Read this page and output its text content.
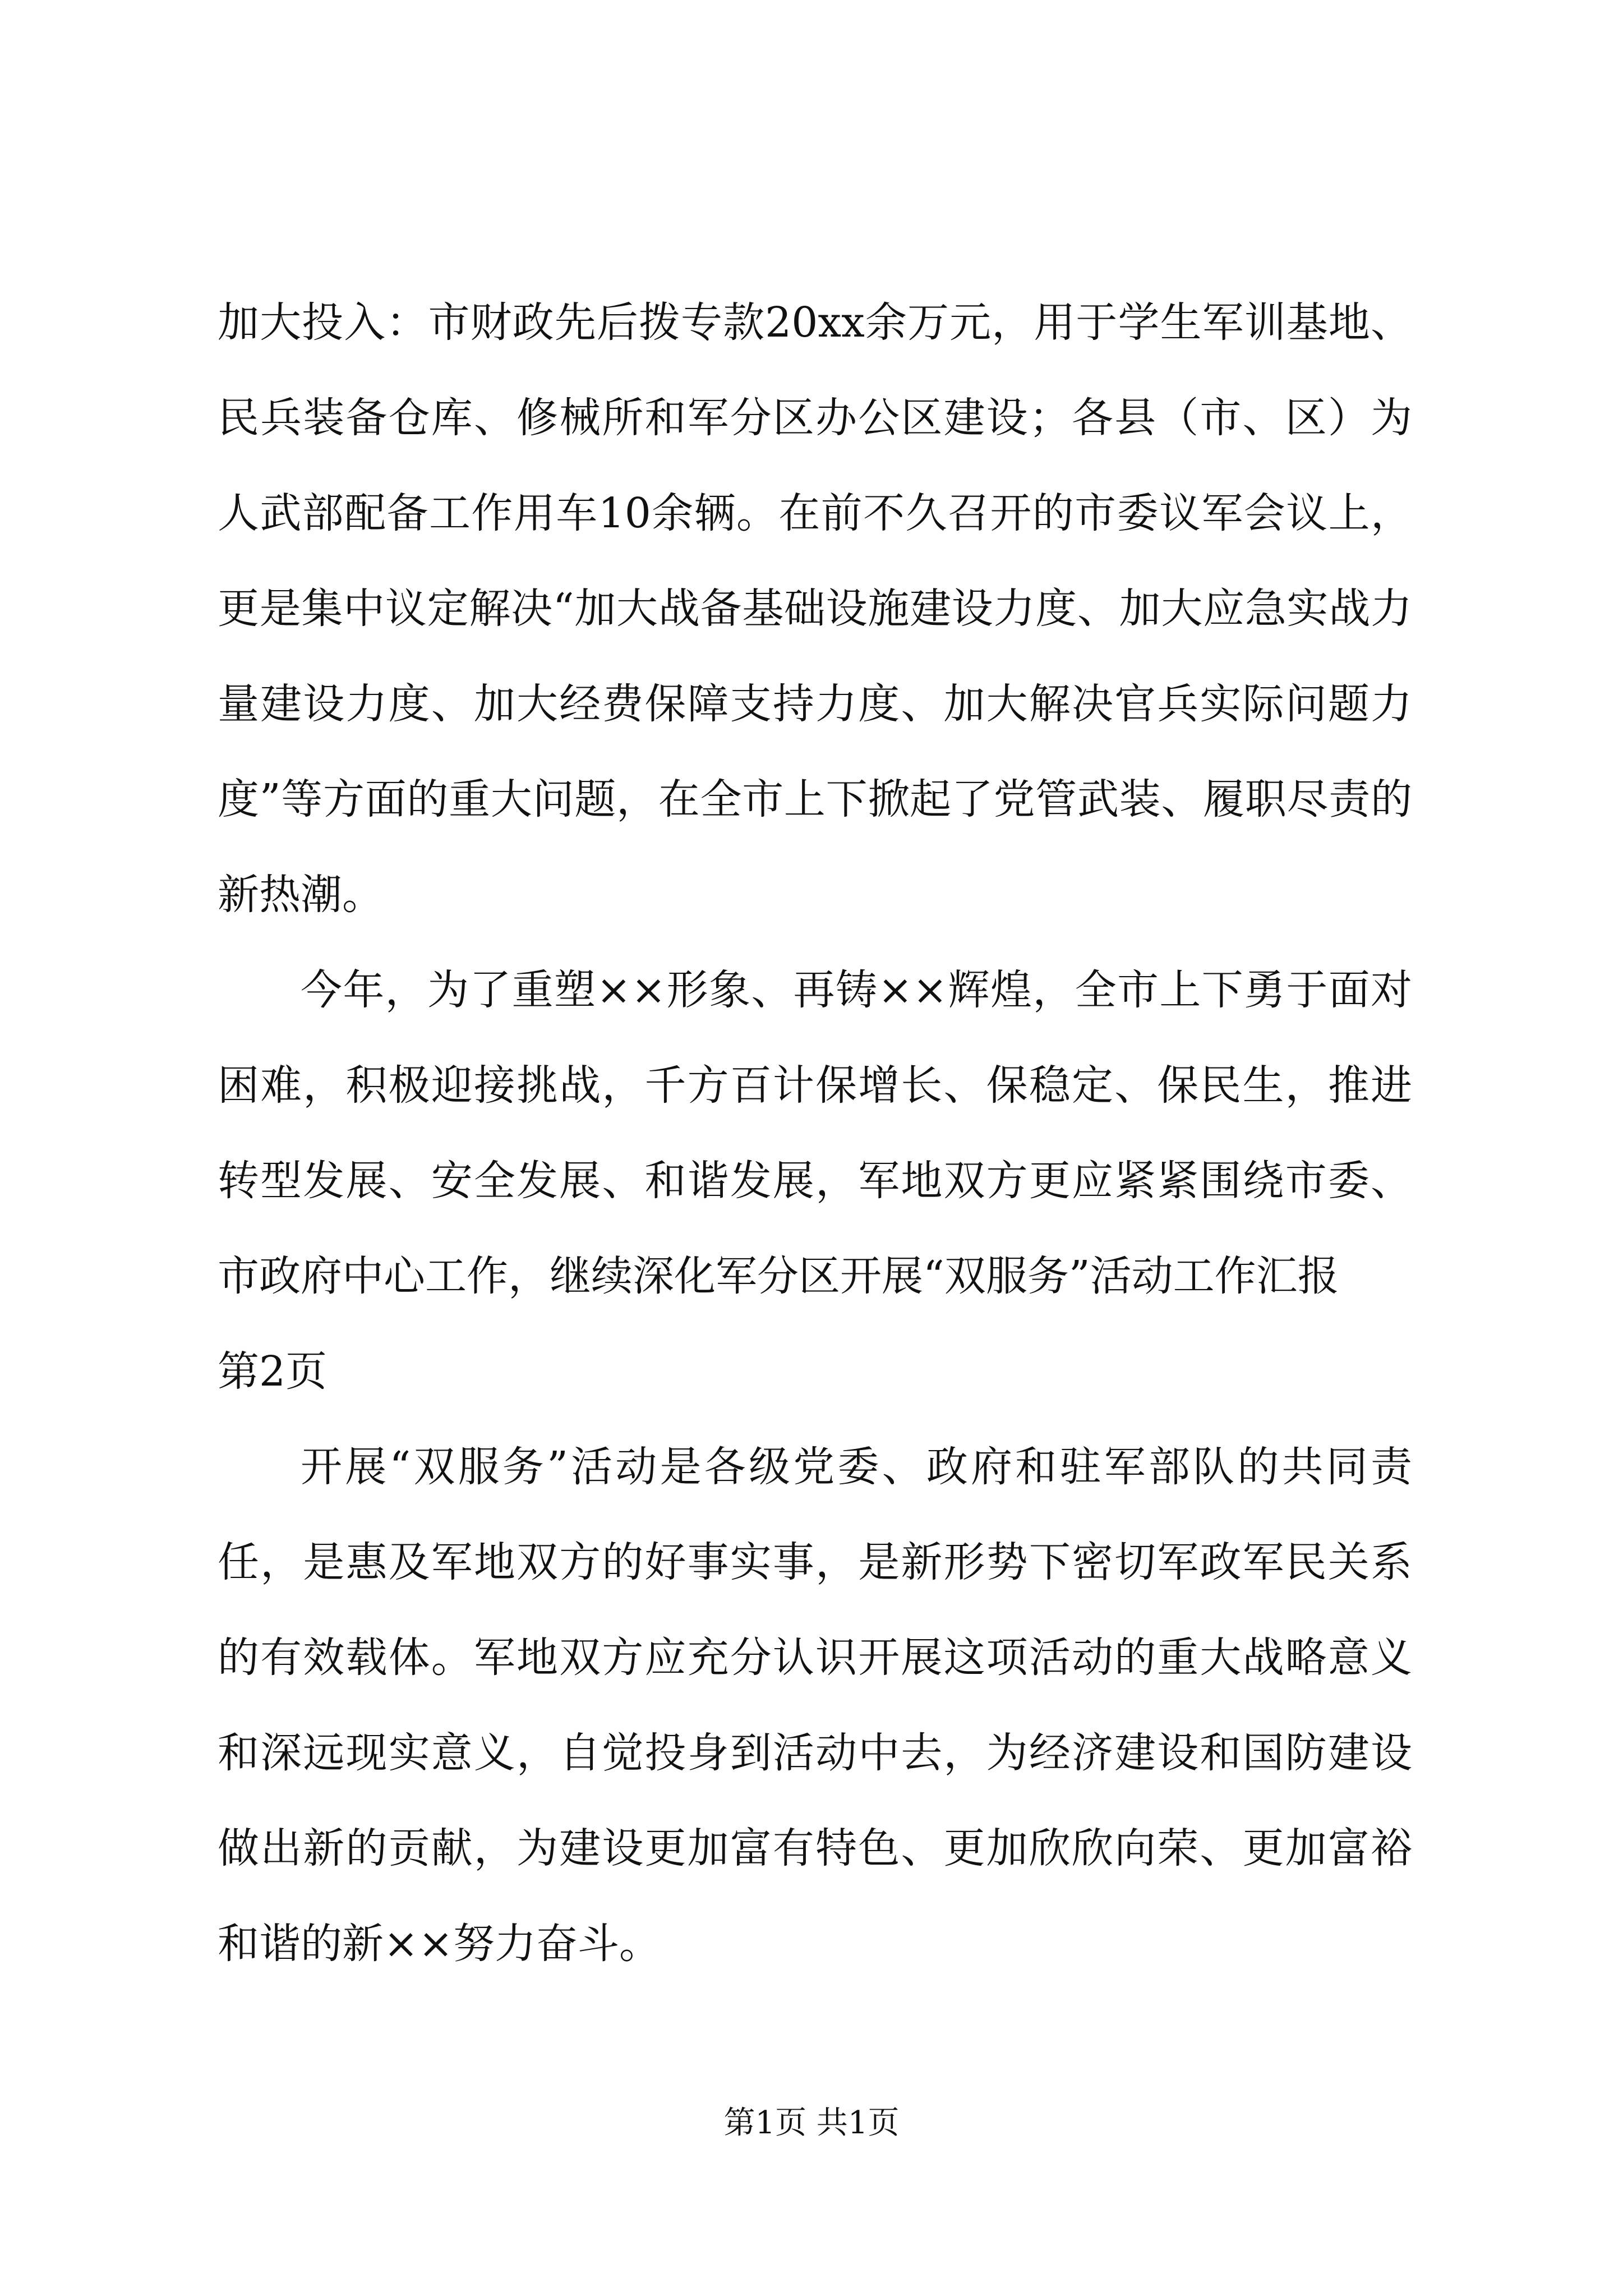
加大投入：市财政先后拨专款20xx余万元，用于学生军训基地、民兵装备仓库、修械所和军分区办公区建设；各县（市、区）为人武部配备工作用车10余辆。在前不久召开的市委议军会议上，更是集中议定解决“加大战备基础设施建设力度、加大应急实战力量建设力度、加大经费保障支持力度、加大解决官兵实际问题力度”等方面的重大问题，在全市上下掀起了党管武装、履职尽责的新热潮。

今年，为了重塑××形象、再铸××辉煌，全市上下勇于面对困难，积极迎接挑战，千方百计保增长、保稳定、保民生，推进转型发展、安全发展、和谐发展，军地双方更应紧紧围绕市委、市政府中心工作，继续深化军分区开展“双服务”活动工作汇报

第2页

开展“双服务”活动是各级党委、政府和驻军部队的共同责任，是惠及军地双方的好事实事，是新形势下密切军政军民关系的有效载体。军地双方应充分认识开展这项活动的重大战略意义和深远现实意义，自觉投身到活动中去，为经济建设和国防建设做出新的贡献，为建设更加富有特色、更加欣欣向荣、更加富裕和谐的新××努力奋斗。

第1页 共1页
